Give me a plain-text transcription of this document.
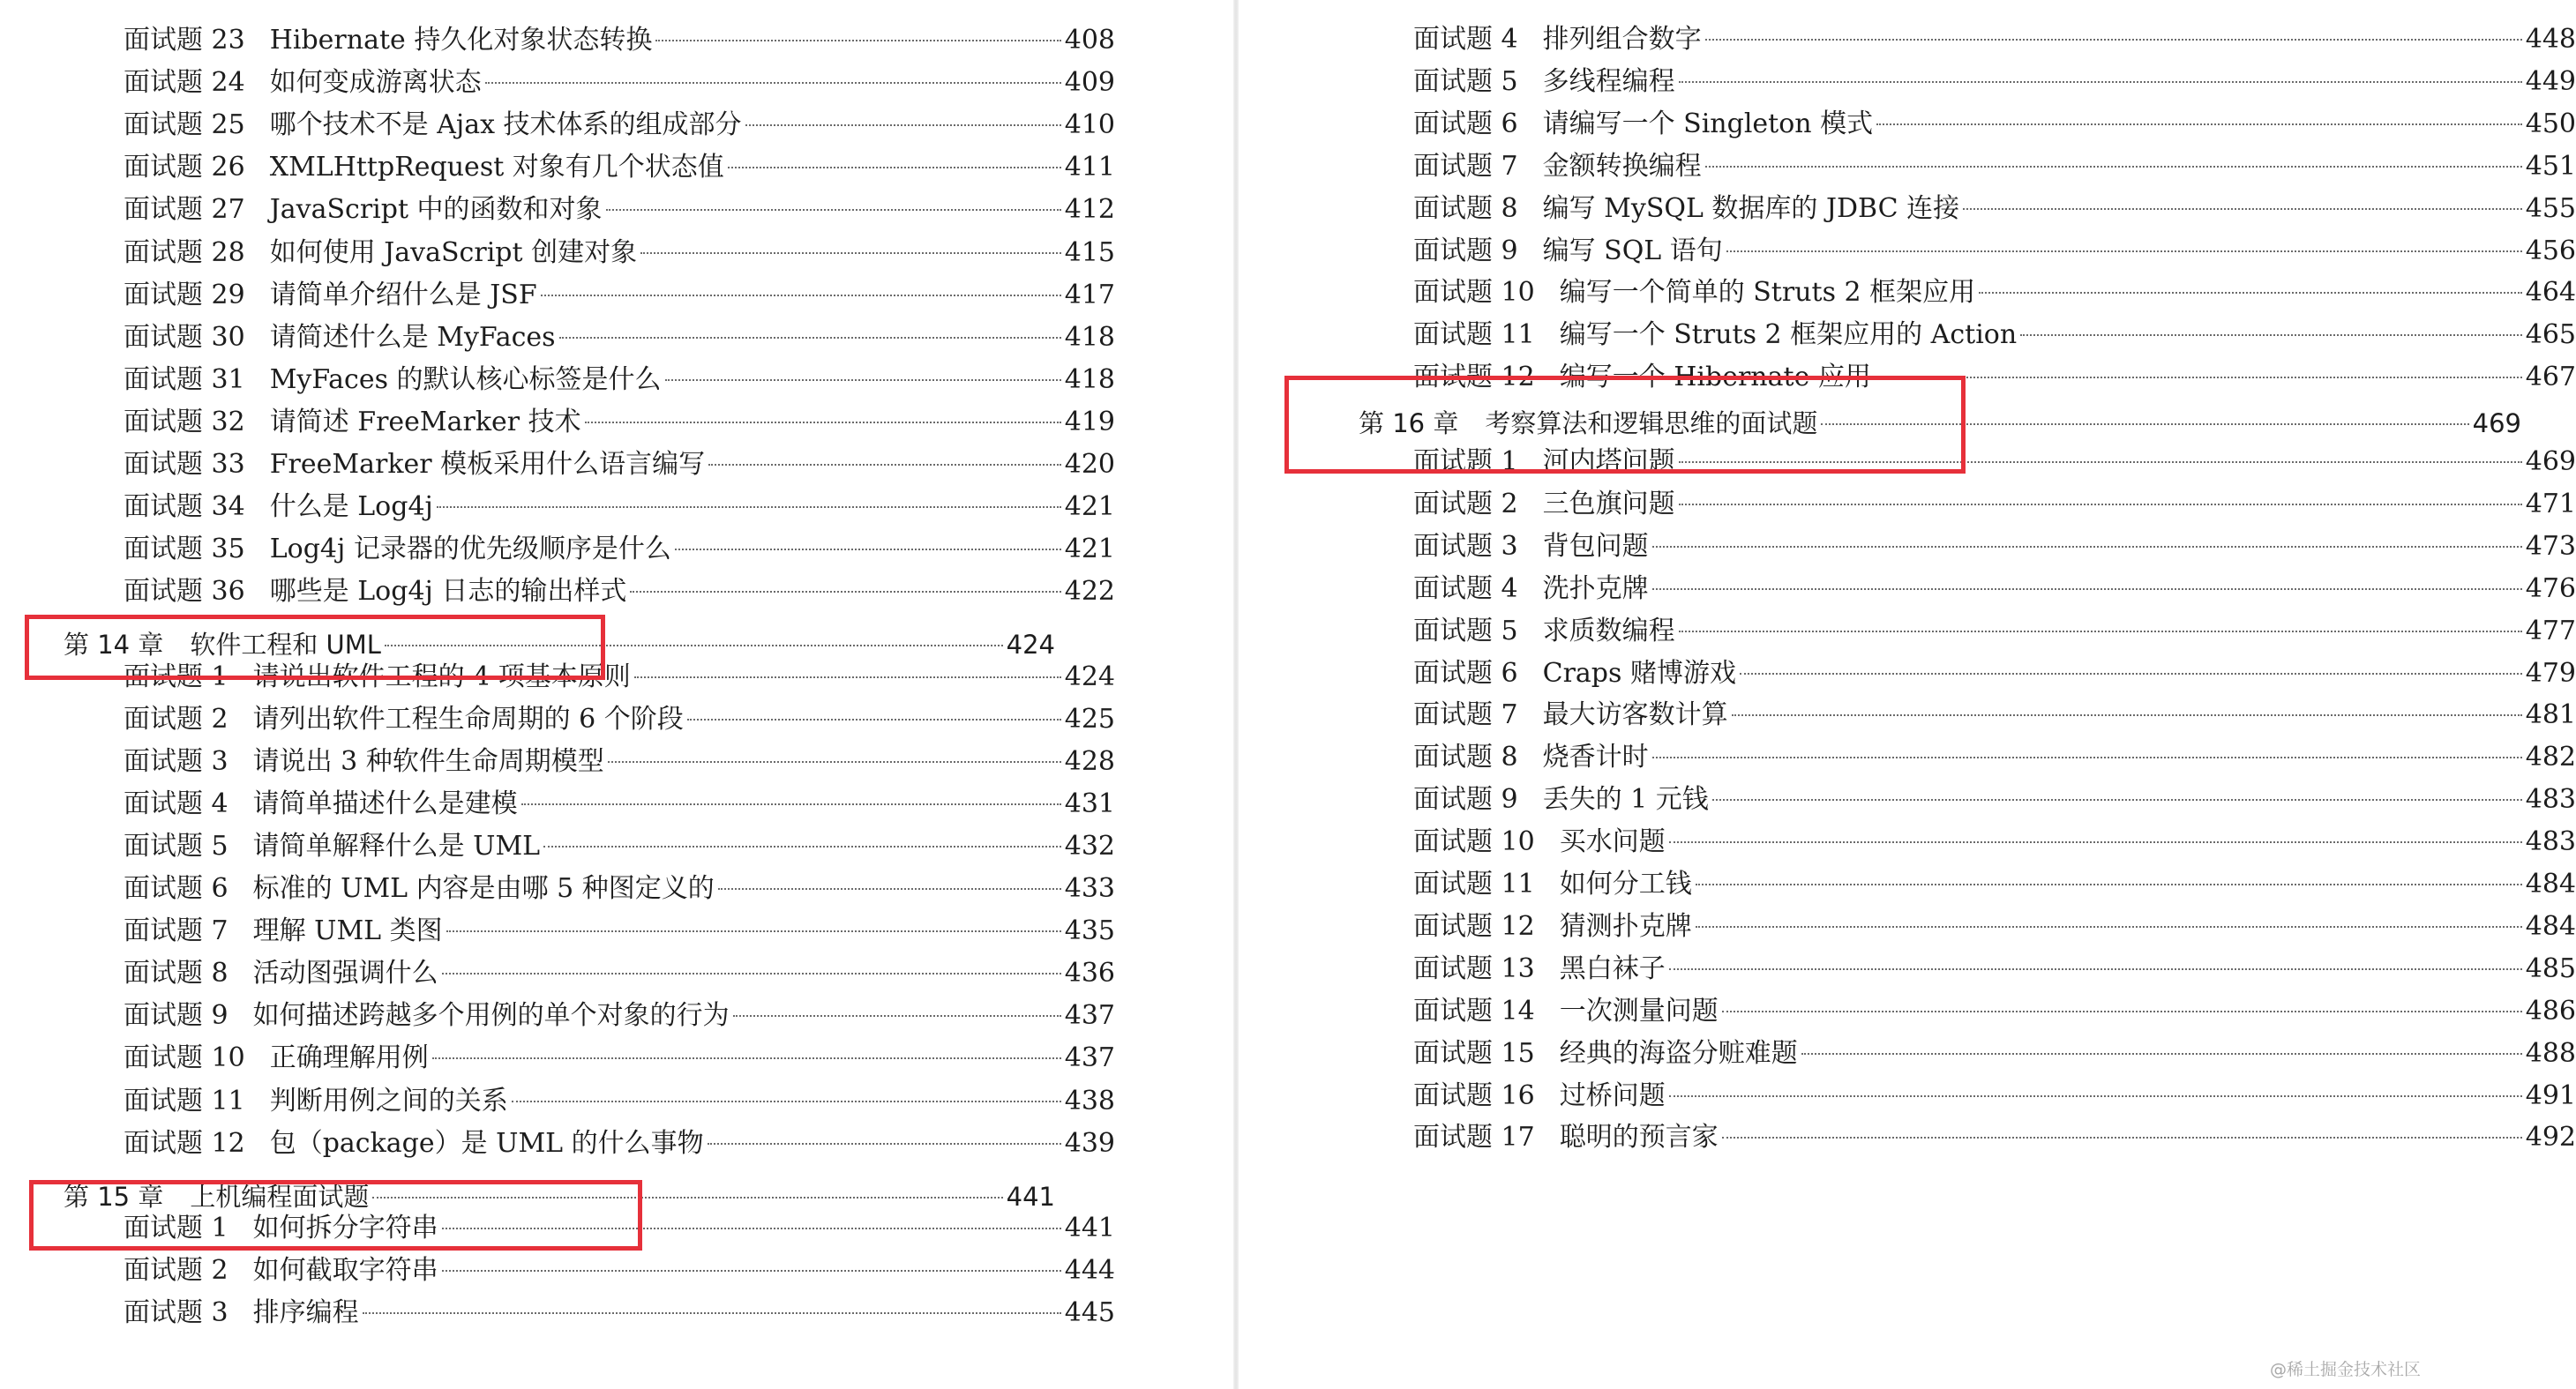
面试题 23 Hibernate 持久化对象状态转换	408
面试题 24 如何变成游离状态	409
面试题 25 哪个技术不是 Ajax 技术体系的组成部分	410
面试题 26 XMLHttpRequest 对象有几个状态值	411
面试题 27 JavaScript 中的函数和对象	412
面试题 28 如何使用 JavaScript 创建对象	415
面试题 29 请简单介绍什么是 JSF	417
面试题 30 请简述什么是 MyFaces	418
面试题 31 MyFaces 的默认核心标签是什么	418
面试题 32 请简述 FreeMarker 技术	419
面试题 33 FreeMarker 模板采用什么语言编写	420
面试题 34 什么是 Log4j	421
面试题 35 Log4j 记录器的优先级顺序是什么	421
面试题 36 哪些是 Log4j 日志的输出样式	422
第 14 章 软件工程和 UML	424
面试题 1 请说出软件工程的 4 项基本原则	424
面试题 2 请列出软件工程生命周期的 6 个阶段	425
面试题 3 请说出 3 种软件生命周期模型	428
面试题 4 请简单描述什么是建模	431
面试题 5 请简单解释什么是 UML	432
面试题 6 标准的 UML 内容是由哪 5 种图定义的	433
面试题 7 理解 UML 类图	435
面试题 8 活动图强调什么	436
面试题 9 如何描述跨越多个用例的单个对象的行为	437
面试题 10 正确理解用例	437
面试题 11 判断用例之间的关系	438
面试题 12 包（package）是 UML 的什么事物	439
第 15 章 上机编程面试题	441
面试题 1 如何拆分字符串	441
面试题 2 如何截取字符串	444
面试题 3 排序编程	445
面试题 4 排列组合数字	448
面试题 5 多线程编程	449
面试题 6 请编写一个 Singleton 模式	450
面试题 7 金额转换编程	451
面试题 8 编写 MySQL 数据库的 JDBC 连接	455
面试题 9 编写 SQL 语句	456
面试题 10 编写一个简单的 Struts 2 框架应用	464
面试题 11 编写一个 Struts 2 框架应用的 Action	465
面试题 12 编写一个 Hibernate 应用	467
第 16 章 考察算法和逻辑思维的面试题	469
面试题 1 河内塔问题	469
面试题 2 三色旗问题	471
面试题 3 背包问题	473
面试题 4 洗扑克牌	476
面试题 5 求质数编程	477
面试题 6 Craps 赌博游戏	479
面试题 7 最大访客数计算	481
面试题 8 烧香计时	482
面试题 9 丢失的 1 元钱	483
面试题 10 买水问题	483
面试题 11 如何分工钱	484
面试题 12 猜测扑克牌	484
面试题 13 黑白袜子	485
面试题 14 一次测量问题	486
面试题 15 经典的海盗分赃难题	488
面试题 16 过桥问题	491
面试题 17 聪明的预言家	492
@稀土掘金技术社区
